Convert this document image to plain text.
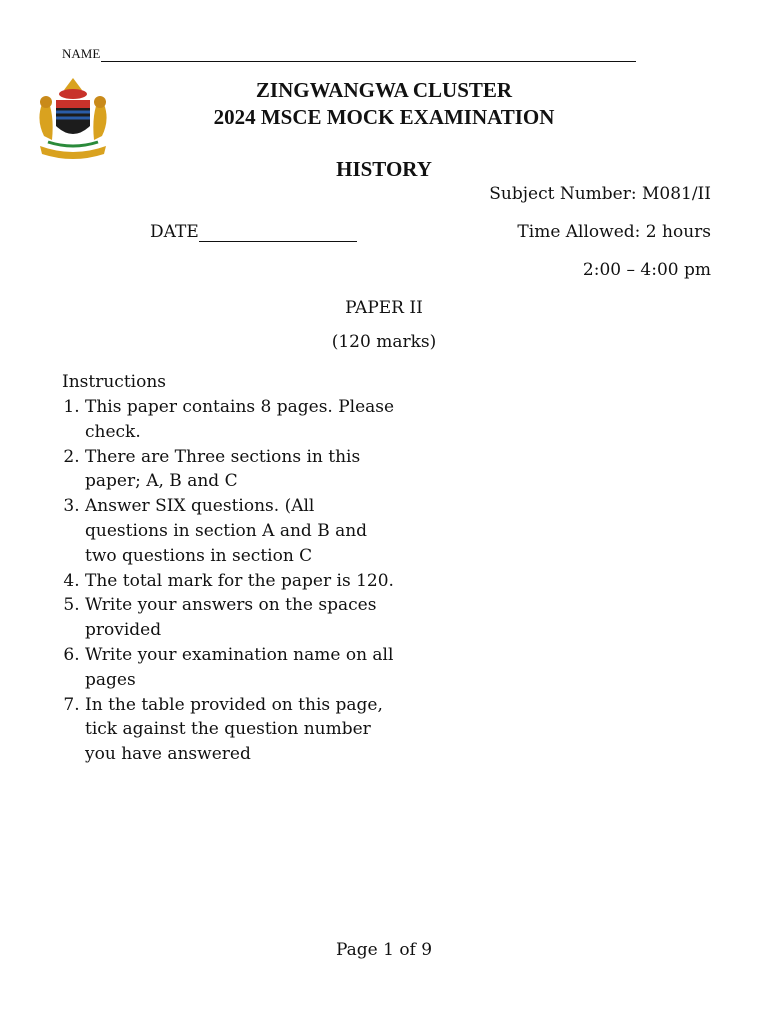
NAME
ZINGWANGWA CLUSTER
2024 MSCE MOCK EXAMINATION
HISTORY
Subject Number: M081/II
DATE	Time Allowed: 2 hours
2:00 – 4:00 pm
PAPER II
(120 marks)
Instructions
1. This paper contains 8 pages. Please check.
2. There are Three sections in this paper; A, B and C
3. Answer SIX questions. (All questions in section A and B and two questions in section C
4. The total mark for the paper is 120.
5. Write your answers on the spaces provided
6. Write your examination name on all pages
7. In the table provided on this page, tick against the question number you have answered
Page 1 of 9
